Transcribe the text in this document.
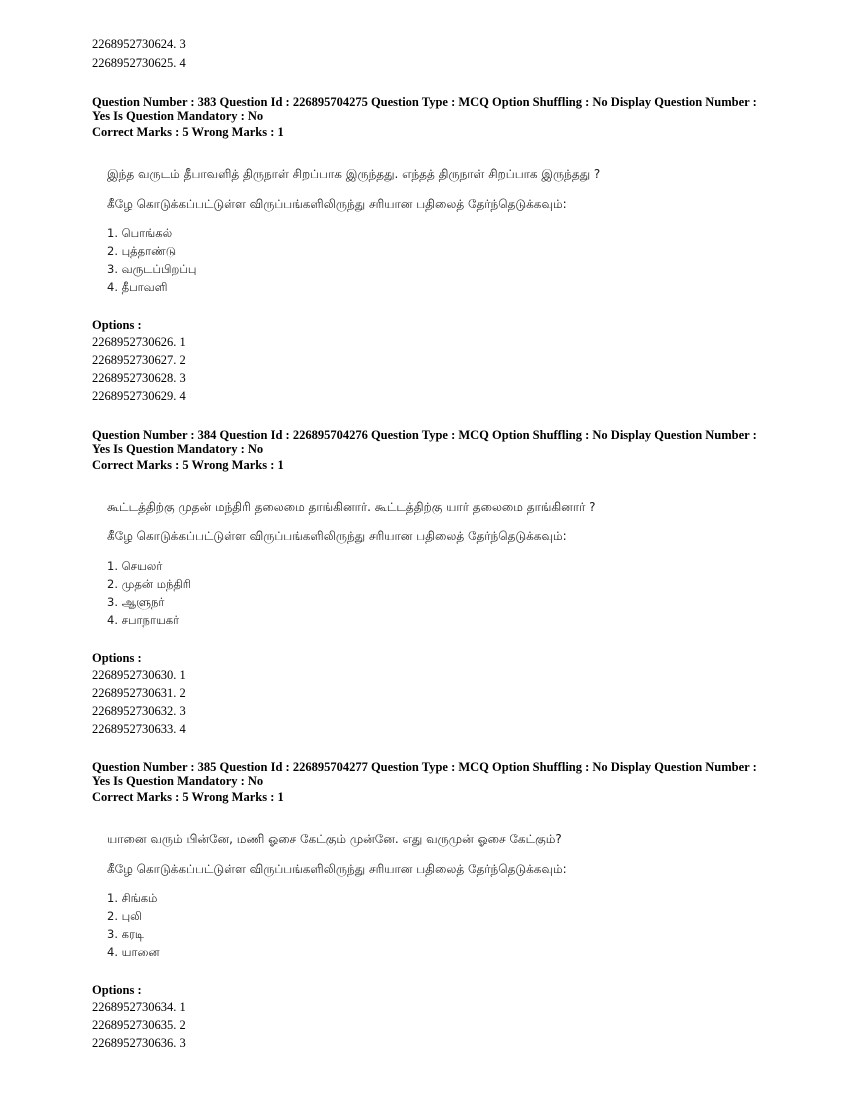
2268952730624. 3
2268952730625. 4
Question Number : 383 Question Id : 226895704275 Question Type : MCQ Option Shuffling : No Display Question Number : Yes Is Question Mandatory : No
Correct Marks : 5 Wrong Marks : 1
இந்த வருடம் தீபாவளித் திருநாள் சிறப்பாக இருந்தது. எந்தத் திருநாள் சிறப்பாக இருந்தது ?
கீழே கொடுக்கப்பட்டுள்ள விருப்பங்களிலிருந்து சரியான பதிலைத் தேர்ந்தெடுக்கவும்:
1. பொங்கல்
2. புத்தாண்டு
3. வருடப்பிறப்பு
4. தீபாவளி
Options :
2268952730626. 1
2268952730627. 2
2268952730628. 3
2268952730629. 4
Question Number : 384 Question Id : 226895704276 Question Type : MCQ Option Shuffling : No Display Question Number : Yes Is Question Mandatory : No
Correct Marks : 5 Wrong Marks : 1
கூட்டத்திற்கு முதன் மந்திரி தலைமை தாங்கினார். கூட்டத்திற்கு யார் தலைமை தாங்கினார் ?
கீழே கொடுக்கப்பட்டுள்ள விருப்பங்களிலிருந்து சரியான பதிலைத் தேர்ந்தெடுக்கவும்:
1. செயலர்
2. முதன் மந்திரி
3. ஆளுநர்
4. சபாநாயகர்
Options :
2268952730630. 1
2268952730631. 2
2268952730632. 3
2268952730633. 4
Question Number : 385 Question Id : 226895704277 Question Type : MCQ Option Shuffling : No Display Question Number : Yes Is Question Mandatory : No
Correct Marks : 5 Wrong Marks : 1
யானை வரும் பின்னே, மணி ஓசை கேட்கும் முன்னே. எது வருமுன் ஓசை கேட்கும்?
கீழே கொடுக்கப்பட்டுள்ள விருப்பங்களிலிருந்து சரியான பதிலைத் தேர்ந்தெடுக்கவும்:
1. சிங்கம்
2. புலி
3. கரடி
4. யானை
Options :
2268952730634. 1
2268952730635. 2
2268952730636. 3
